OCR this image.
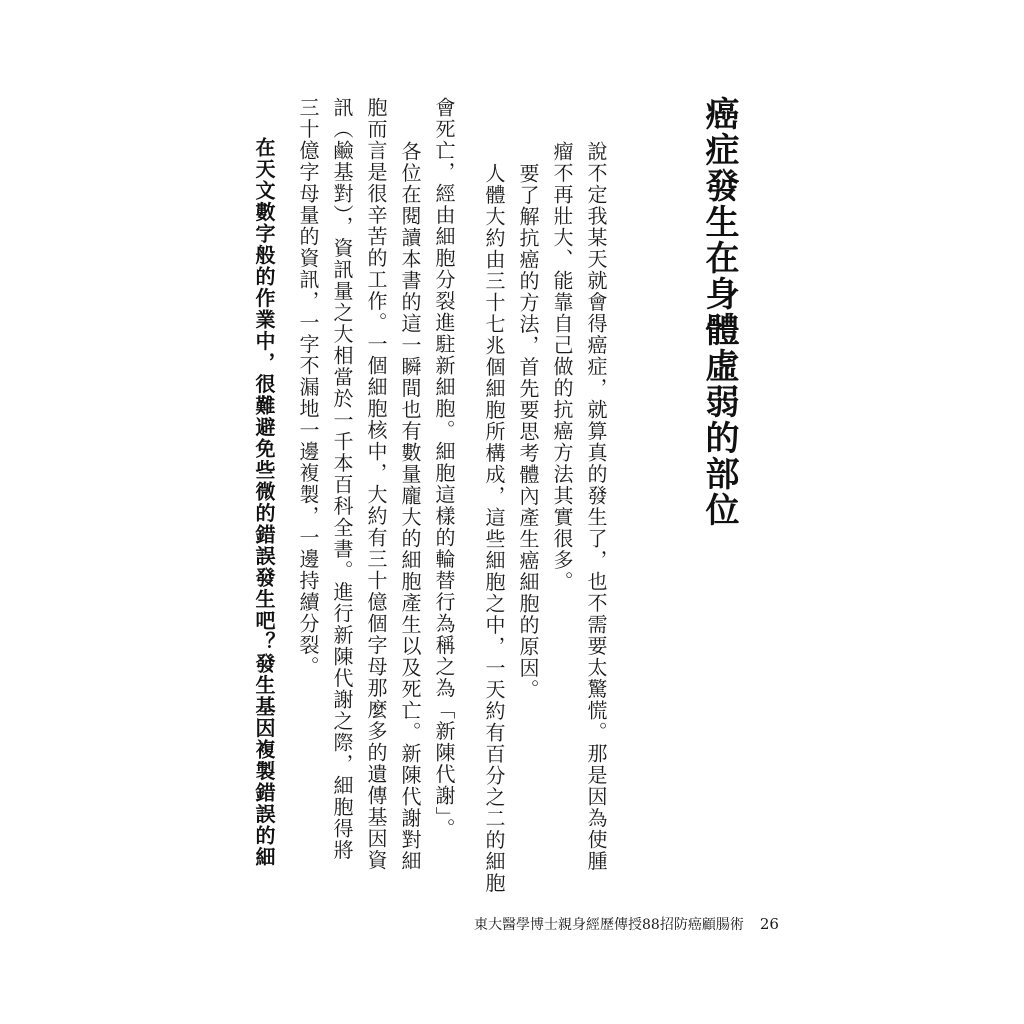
癌症發生在身體虛弱的部位
說不定我某天就會得癌症，就算真的發生了，也不需要太驚慌。那是因為使腫
瘤不再壯大、能靠自己做的抗癌方法其實很多。
要了解抗癌的方法，首先要思考體內產生癌細胞的原因。
人體大約由三十七兆個細胞所構成，這些細胞之中，一天約有百分之二的細胞
會死亡，經由細胞分裂進駐新細胞。細胞這樣的輪替行為稱之為「新陳代謝」。
各位在閱讀本書的這一瞬間也有數量龐大的細胞產生以及死亡。新陳代謝對細
胞而言是很辛苦的工作。一個細胞核中，大約有三十億個字母那麼多的遺傳基因資
訊（鹼基對），資訊量之大相當於一千本百科全書。進行新陳代謝之際，細胞得將
三十億字母量的資訊，一字不漏地一邊複製，一邊持續分裂。
在天文數字般的作業中，很難避免些微的錯誤發生吧？發生基因複製錯誤的細
東大醫學博士親身經歷傳授88招防癌顧腸術 26
